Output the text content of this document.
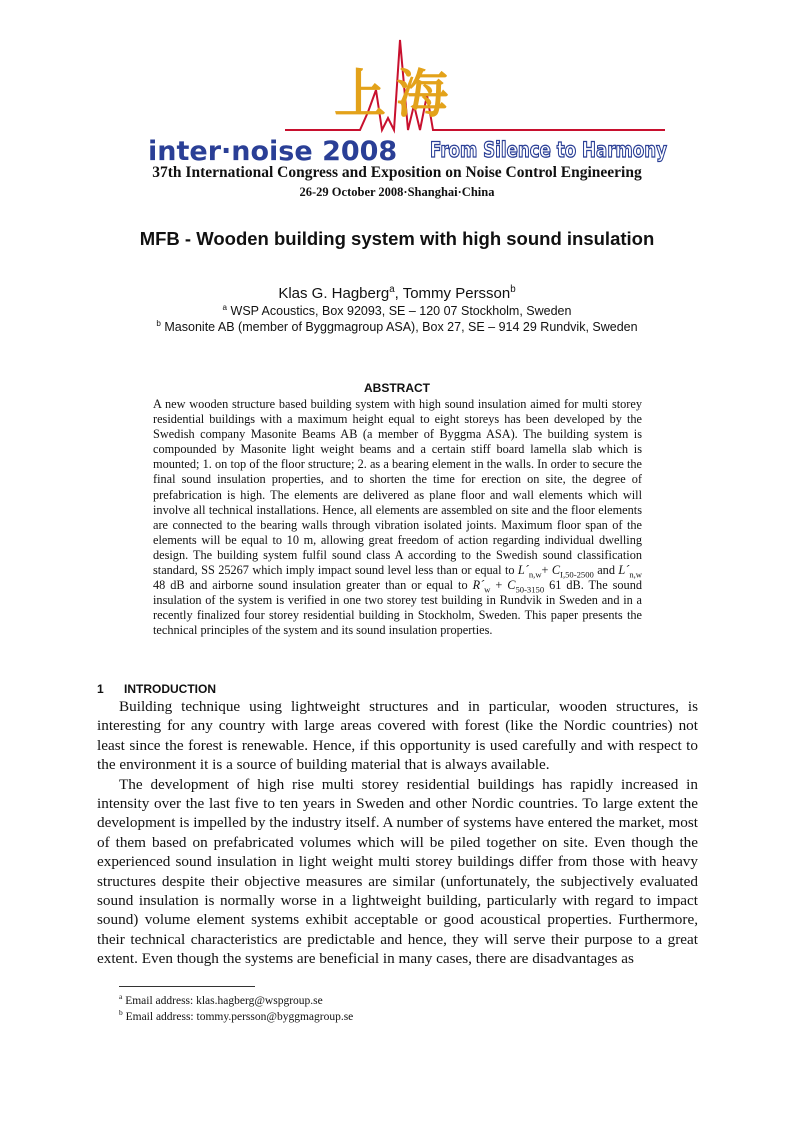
上海
inter·noise 2008 From Silence to Harmony
37th International Congress and Exposition on Noise Control Engineering
26-29 October 2008·Shanghai·China
MFB - Wooden building system with high sound insulation
Klas G. Hagberg$^a$, Tommy Persson$^b$
$^a$ WSP Acoustics, Box 92093, SE – 120 07 Stockholm, Sweden
$^b$ Masonite AB (member of Byggmagroup ASA), Box 27, SE – 914 29 Rundvik, Sweden
ABSTRACT
A new wooden structure based building system with high sound insulation aimed for multi storey residential buildings with a maximum height equal to eight storeys has been developed by the Swedish company Masonite Beams AB (a member of Byggma ASA). The building system is compounded by Masonite light weight beams and a certain stiff board lamella slab which is mounted; 1. on top of the floor structure; 2. as a bearing element in the walls. In order to secure the final sound insulation properties, and to shorten the time for erection on site, the degree of prefabrication is high. The elements are delivered as plane floor and wall elements which will involve all technical installations. Hence, all elements are assembled on site and the floor elements are connected to the bearing walls through vibration isolated joints. Maximum floor span of the elements will be equal to 10 m, allowing great freedom of action regarding individual dwelling design. The building system fulfil sound class A according to the Swedish sound classification standard, SS 25267 which imply impact sound level less than or equal to $L´_{n,w}+ C_{I,50-2500}$ and $L´_{n,w}$ 48 dB and airborne sound insulation greater than or equal to $R´_w + C_{50-3150}$ 61 dB. The sound insulation of the system is verified in one two storey test building in Rundvik in Sweden and in a recently finalized four storey residential building in Stockholm, Sweden. This paper presents the technical principles of the system and its sound insulation properties.
1 INTRODUCTION

Building technique using lightweight structures and in particular, wooden structures, is interesting for any country with large areas covered with forest (like the Nordic countries) not least since the forest is renewable. Hence, if this opportunity is used carefully and with respect to the environment it is a source of building material that is always available.

The development of high rise multi storey residential buildings has rapidly increased in intensity over the last five to ten years in Sweden and other Nordic countries. To large extent the development is impelled by the industry itself. A number of systems have entered the market, most of them based on prefabricated volumes which will be piled together on site. Even though the experienced sound insulation in light weight multi storey buildings differ from those with heavy structures despite their objective measures are similar (unfortunately, the subjectively evaluated sound insulation is normally worse in a lightweight building, particularly with regard to impact sound) volume element systems exhibit acceptable or good acoustical properties. Furthermore, their technical characteristics are predictable and hence, they will serve their purpose to a great extent. Even though the systems are beneficial in many cases, there are disadvantages as

$^a$ Email address: klas.hagberg@wspgroup.se
$^b$ Email address: tommy.persson@byggmagroup.se
